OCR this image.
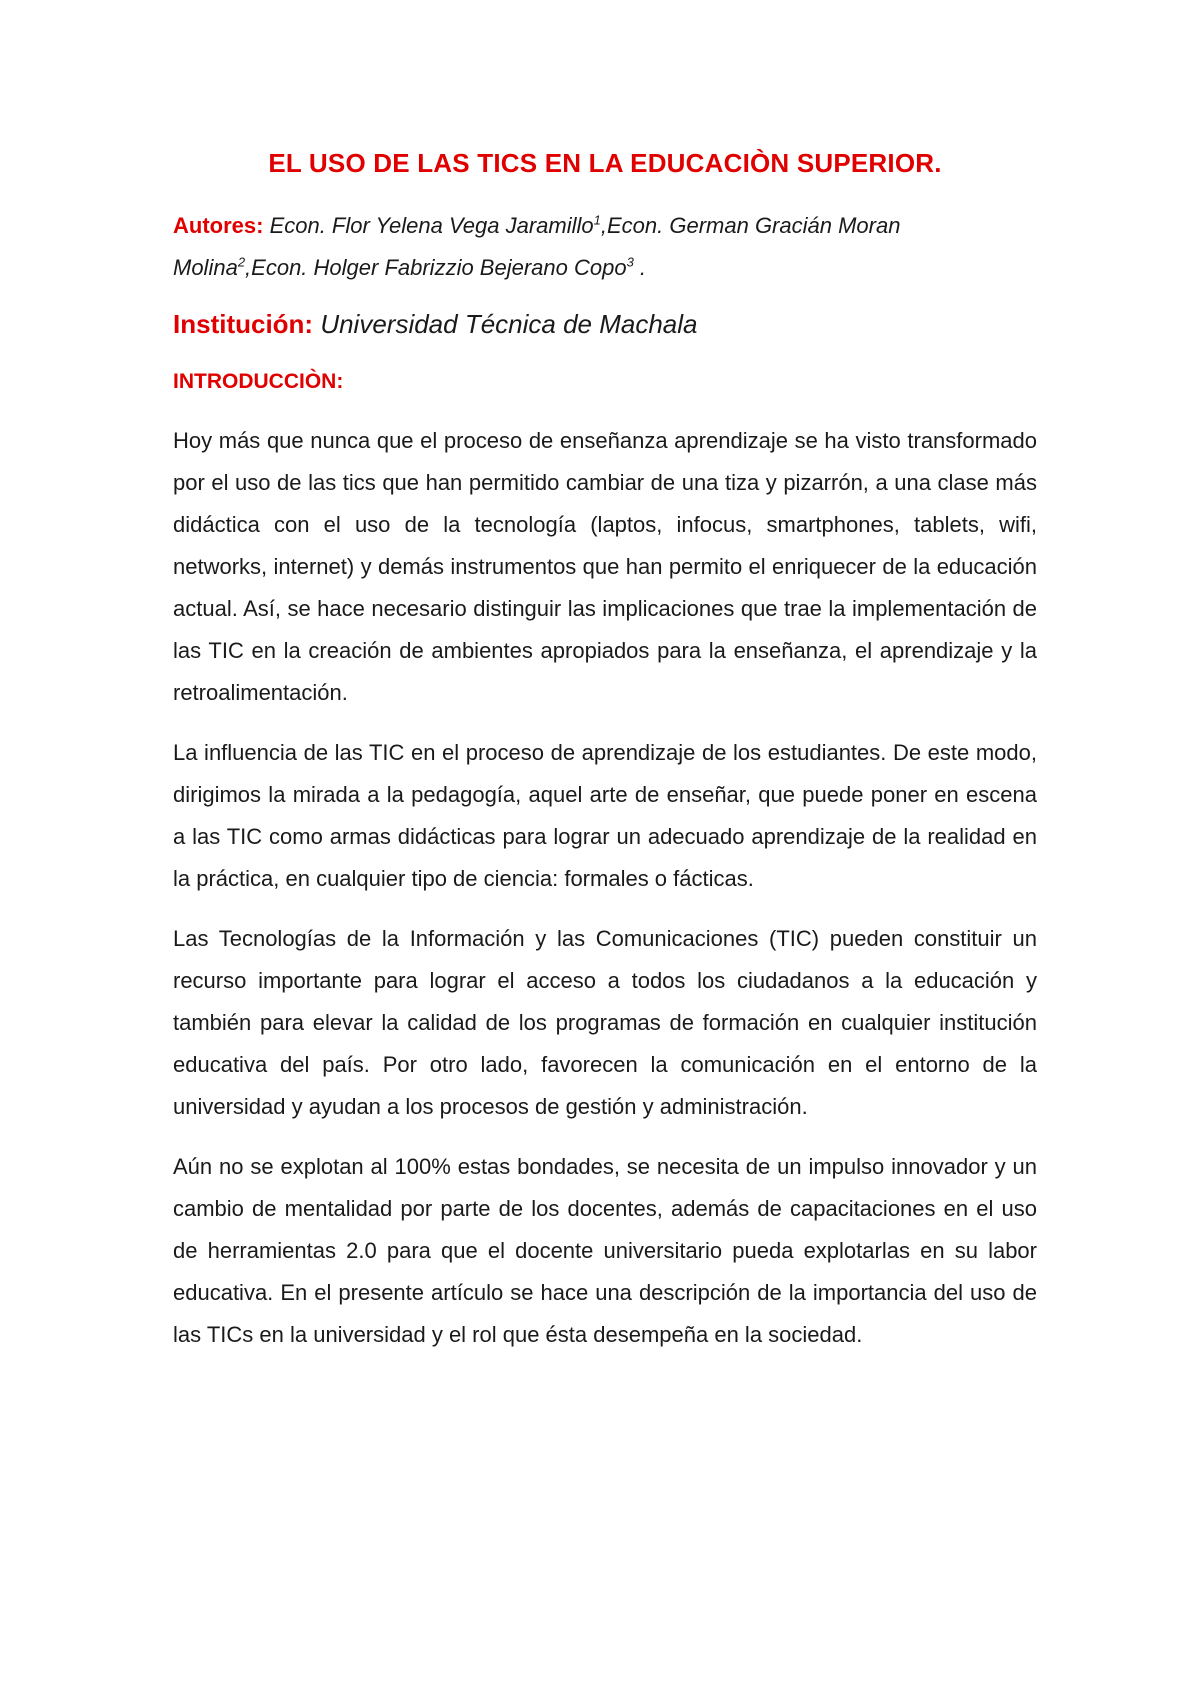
EL USO DE LAS TICS EN LA EDUCACIÒN SUPERIOR.

Autores: Econ. Flor Yelena Vega Jaramillo$^1$,Econ. German Gracián Moran Molina$^2$,Econ. Holger Fabrizzio Bejerano Copo$^3$ .

Institución: Universidad Técnica de Machala

INTRODUCCIÒN:

Hoy más que nunca que el proceso de enseñanza aprendizaje se ha visto transformado por el uso de las tics que han permitido cambiar de una tiza y pizarrón, a una clase más didáctica con el uso de la tecnología (laptos, infocus, smartphones, tablets, wifi, networks, internet) y demás instrumentos que han permito el enriquecer de la educación actual. Así, se hace necesario distinguir las implicaciones que trae la implementación de las TIC en la creación de ambientes apropiados para la enseñanza, el aprendizaje y la retroalimentación.

La influencia de las TIC en el proceso de aprendizaje de los estudiantes. De este modo, dirigimos la mirada a la pedagogía, aquel arte de enseñar, que puede poner en escena a las TIC como armas didácticas para lograr un adecuado aprendizaje de la realidad en la práctica, en cualquier tipo de ciencia: formales o fácticas.

Las Tecnologías de la Información y las Comunicaciones (TIC) pueden constituir un recurso importante para lograr el acceso a todos los ciudadanos a la educación y también para elevar la calidad de los programas de formación en cualquier institución educativa del país. Por otro lado, favorecen la comunicación en el entorno de la universidad y ayudan a los procesos de gestión y administración.

Aún no se explotan al 100% estas bondades, se necesita de un impulso innovador y un cambio de mentalidad por parte de los docentes, además de capacitaciones en el uso de herramientas 2.0 para que el docente universitario pueda explotarlas en su labor educativa. En el presente artículo se hace una descripción de la importancia del uso de las TICs en la universidad y el rol que ésta desempeña en la sociedad.
